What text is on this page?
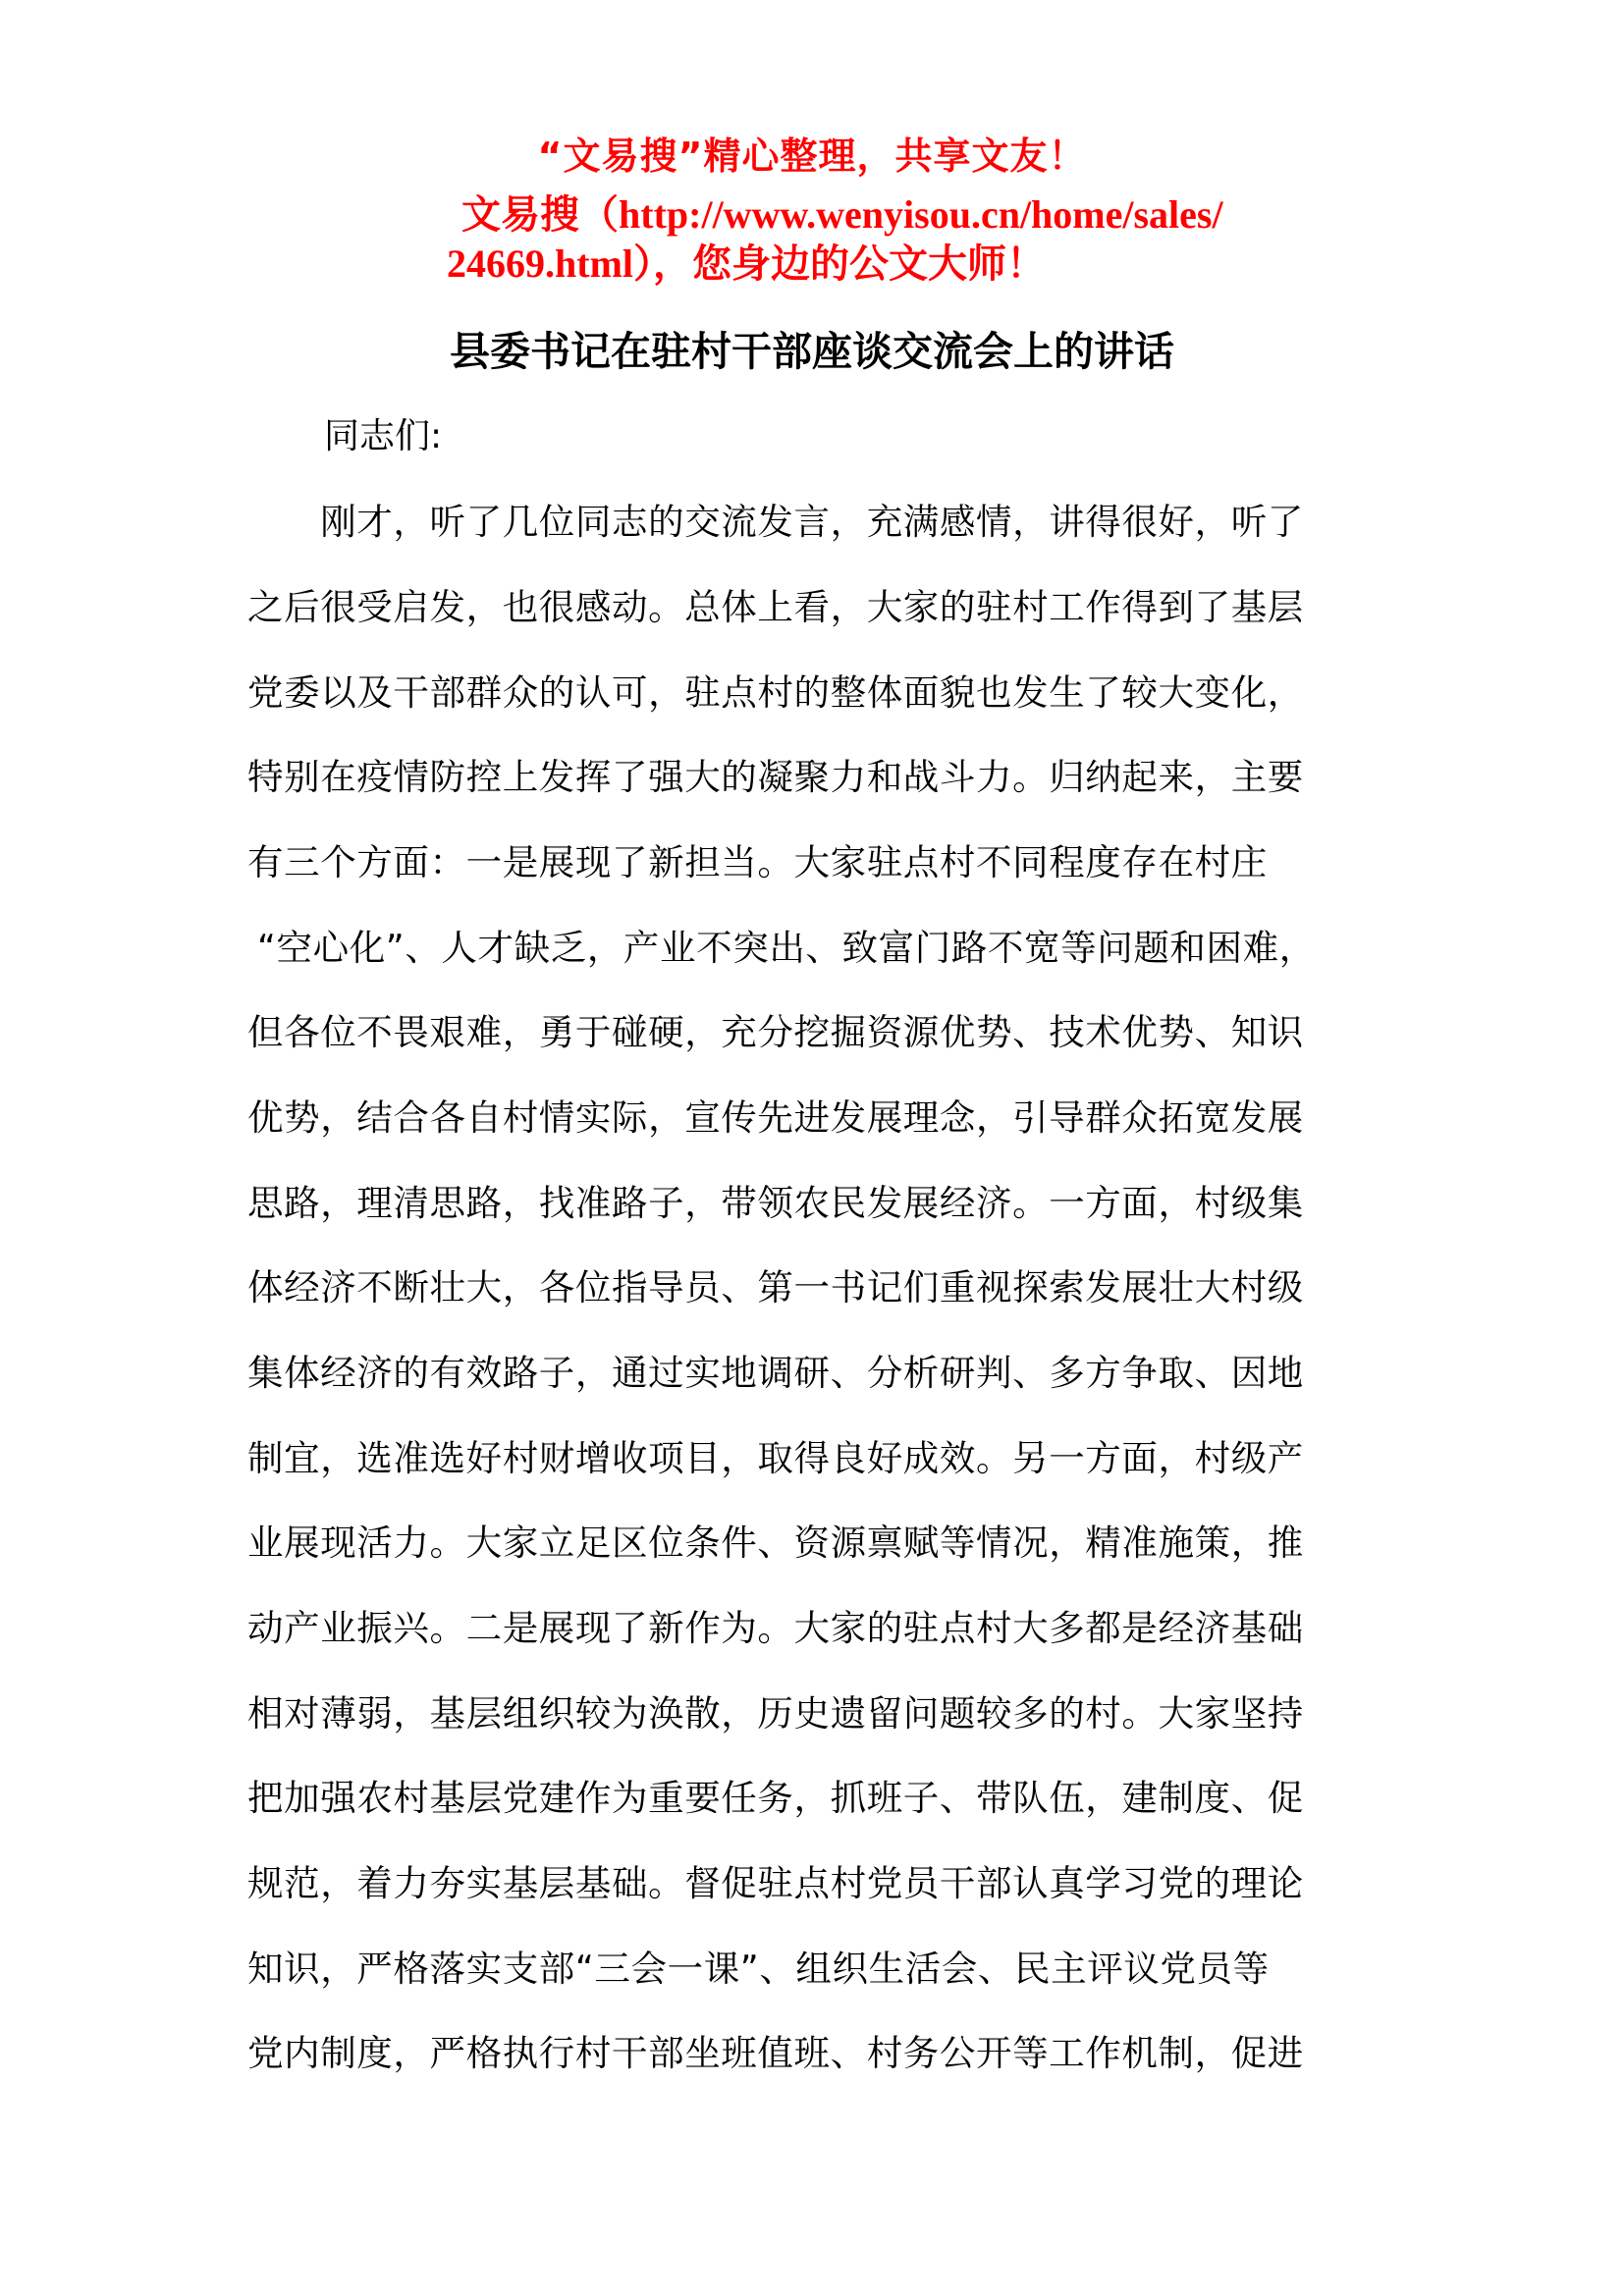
“文易搜”精心整理，共享文友！
文易搜（http://www.wenyisou.cn/home/sales/
24669.html），您身边的公文大师！
县委书记在驻村干部座谈交流会上的讲话
同志们:
　　刚才，听了几位同志的交流发言，充满感情，讲得很好，听了
之后很受启发，也很感动。总体上看，大家的驻村工作得到了基层
党委以及干部群众的认可，驻点村的整体面貌也发生了较大变化，
特别在疫情防控上发挥了强大的凝聚力和战斗力。归纳起来，主要
有三个方面：一是展现了新担当。大家驻点村不同程度存在村庄
“空心化”、人才缺乏，产业不突出、致富门路不宽等问题和困难，
但各位不畏艰难，勇于碰硬，充分挖掘资源优势、技术优势、知识
优势，结合各自村情实际，宣传先进发展理念，引导群众拓宽发展
思路，理清思路，找准路子，带领农民发展经济。一方面，村级集
体经济不断壮大，各位指导员、第一书记们重视探索发展壮大村级
集体经济的有效路子，通过实地调研、分析研判、多方争取、因地
制宜，选准选好村财增收项目，取得良好成效。另一方面，村级产
业展现活力。大家立足区位条件、资源禀赋等情况，精准施策，推
动产业振兴。二是展现了新作为。大家的驻点村大多都是经济基础
相对薄弱，基层组织较为涣散，历史遗留问题较多的村。大家坚持
把加强农村基层党建作为重要任务，抓班子、带队伍，建制度、促
规范，着力夯实基层基础。督促驻点村党员干部认真学习党的理论
知识，严格落实支部“三会一课”、组织生活会、民主评议党员等
党内制度，严格执行村干部坐班值班、村务公开等工作机制，促进
